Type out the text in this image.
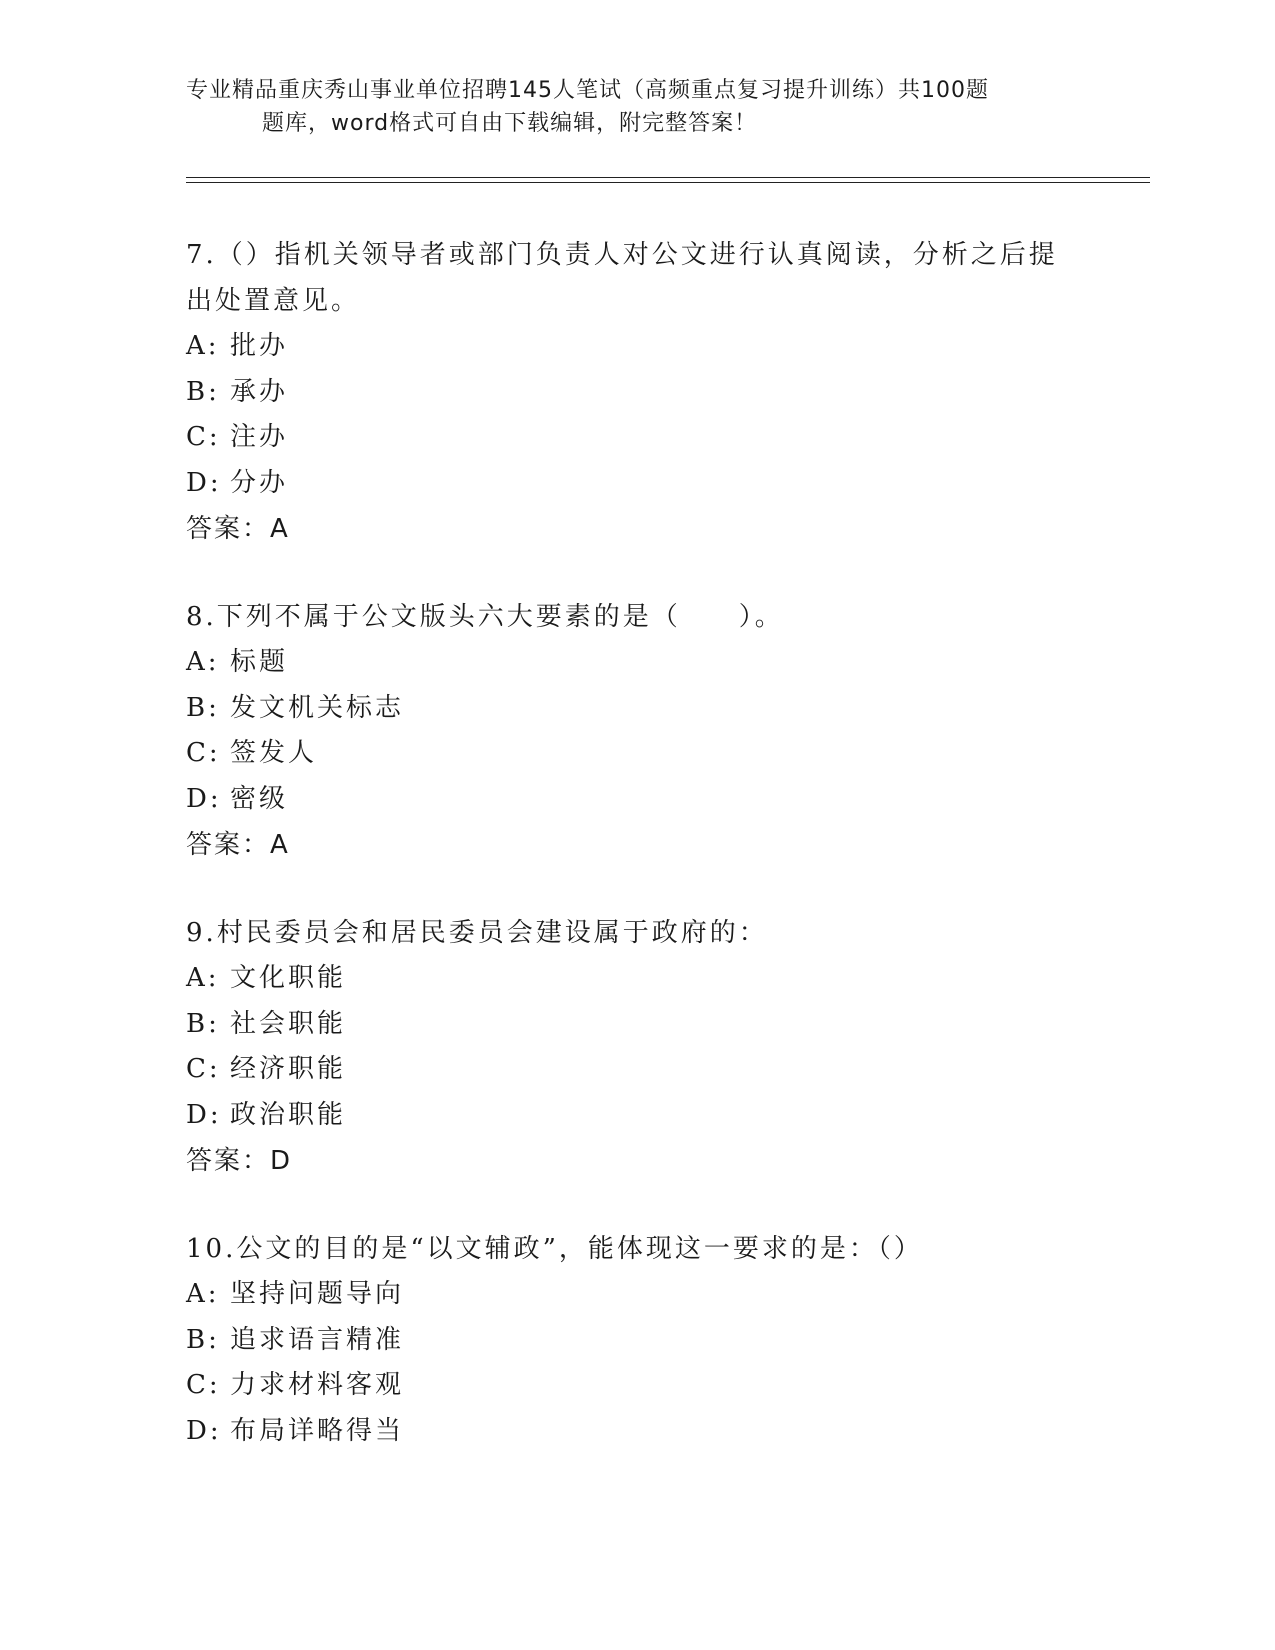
专业精品重庆秀山事业单位招聘145人笔试（高频重点复习提升训练）共100题
题库，word格式可自由下载编辑，附完整答案！

7.（）指机关领导者或部门负责人对公文进行认真阅读，分析之后提出处置意见。

A: 批办

B: 承办

C: 注办

D: 分办

答案：A

8.下列不属于公文版头六大要素的是（　　）。

A: 标题

B: 发文机关标志

C: 签发人

D: 密级

答案：A

9.村民委员会和居民委员会建设属于政府的：

A: 文化职能

B: 社会职能

C: 经济职能

D: 政治职能

答案：D

10.公文的目的是“以文辅政”，能体现这一要求的是：（）

A: 坚持问题导向

B: 追求语言精准

C: 力求材料客观

D: 布局详略得当
